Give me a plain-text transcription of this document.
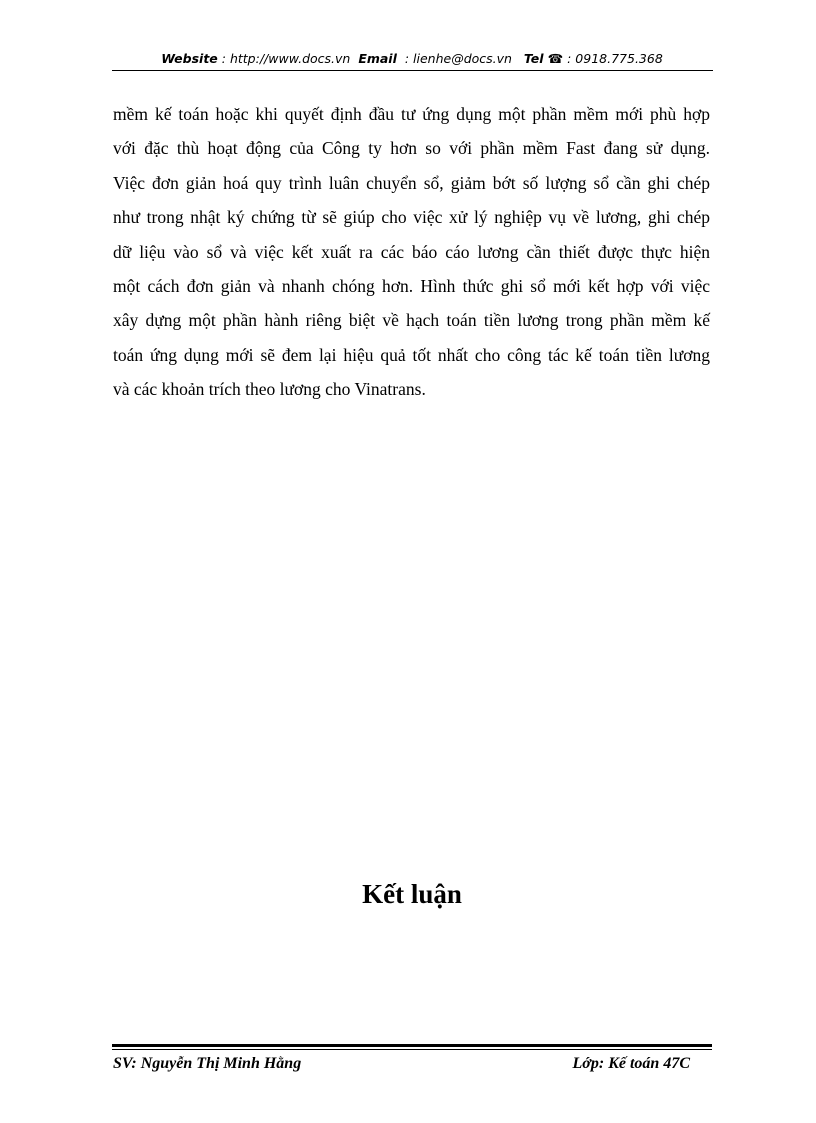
Website : http://www.docs.vn Email : lienhe@docs.vn Tel ☎ : 0918.775.368
mềm kế toán hoặc khi quyết định đầu tư ứng dụng một phần mềm mới phù hợp
với đặc thù hoạt động của Công ty hơn so với phần mềm Fast đang sử dụng.
Việc đơn giản hoá quy trình luân chuyển sổ, giảm bớt số lượng sổ cần ghi chép
như trong nhật ký chứng từ sẽ giúp cho việc xử lý nghiệp vụ về lương, ghi chép
dữ liệu vào sổ và việc kết xuất ra các báo cáo lương cần thiết được thực hiện
một cách đơn giản và nhanh chóng hơn. Hình thức ghi sổ mới kết hợp với việc
xây dựng một phần hành riêng biệt về hạch toán tiền lương trong phần mềm kế
toán ứng dụng mới sẽ đem lại hiệu quả tốt nhất cho công tác kế toán tiền lương
và các khoản trích theo lương cho Vinatrans.
Kết luận
SV: Nguyễn Thị Minh Hằng	Lớp: Kế toán 47C
